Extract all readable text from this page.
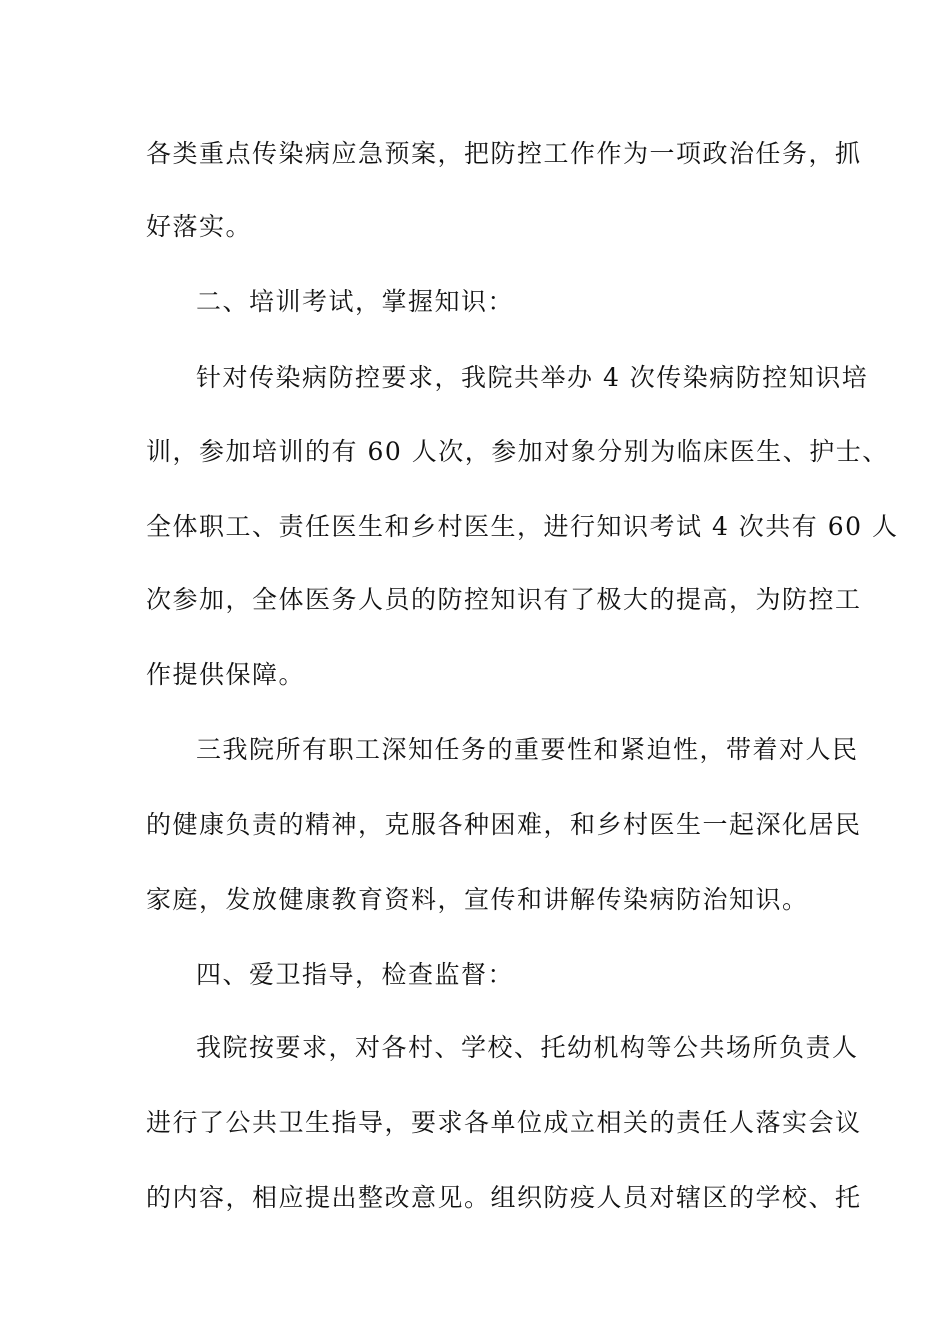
各类重点传染病应急预案，把防控工作作为一项政治任务，抓
好落实。
二、培训考试，掌握知识：
针对传染病防控要求，我院共举办 4 次传染病防控知识培
训，参加培训的有 60 人次，参加对象分别为临床医生、护士、
全体职工、责任医生和乡村医生，进行知识考试 4 次共有 60 人
次参加，全体医务人员的防控知识有了极大的提高，为防控工
作提供保障。
三我院所有职工深知任务的重要性和紧迫性，带着对人民
的健康负责的精神，克服各种困难，和乡村医生一起深化居民
家庭，发放健康教育资料，宣传和讲解传染病防治知识。
四、爱卫指导，检查监督：
我院按要求，对各村、学校、托幼机构等公共场所负责人
进行了公共卫生指导，要求各单位成立相关的责任人落实会议
的内容，相应提出整改意见。组织防疫人员对辖区的学校、托
